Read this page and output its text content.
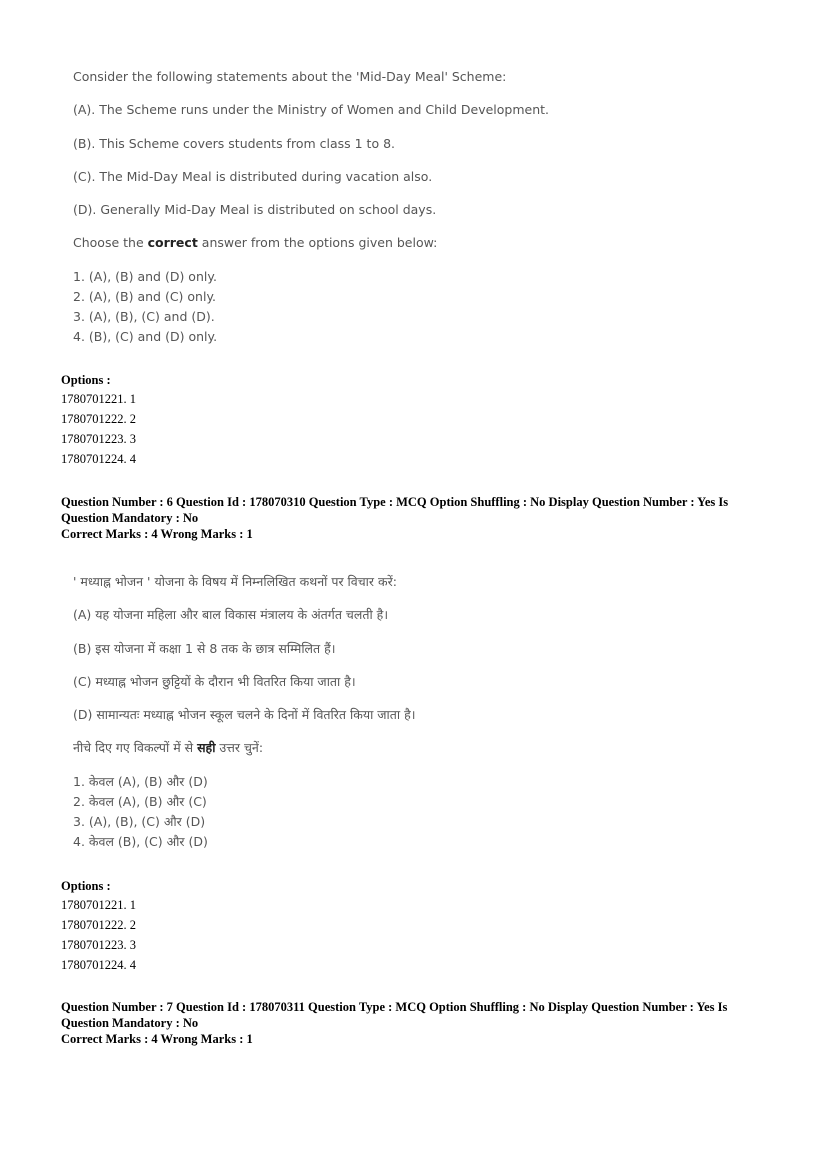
Consider the following statements about the 'Mid-Day Meal' Scheme:
(A). The Scheme runs under the Ministry of Women and Child Development.
(B). This Scheme covers students from class 1 to 8.
(C). The Mid-Day Meal is distributed during vacation also.
(D). Generally Mid-Day Meal is distributed on school days.
Choose the correct answer from the options given below:
1. (A), (B) and (D) only.
2. (A), (B) and (C) only.
3. (A), (B), (C) and (D).
4. (B), (C) and (D) only.
Options :
1780701221. 1
1780701222. 2
1780701223. 3
1780701224. 4
Question Number : 6 Question Id : 178070310 Question Type : MCQ Option Shuffling : No Display Question Number : Yes Is
Question Mandatory : No
Correct Marks : 4 Wrong Marks : 1
' मध्याह्न भोजन ' योजना के विषय में निम्नलिखित कथनों पर विचार करें:
(A) यह योजना महिला और बाल विकास मंत्रालय के अंतर्गत चलती है।
(B) इस योजना में कक्षा 1 से 8 तक के छात्र सम्मिलित हैं।
(C) मध्याह्न भोजन छुट्टियों के दौरान भी वितरित किया जाता है।
(D) सामान्यतः मध्याह्न भोजन स्कूल चलने के दिनों में वितरित किया जाता है।
नीचे दिए गए विकल्पों में से सही उत्तर चुनें:
1. केवल (A), (B) और (D)
2. केवल (A), (B) और (C)
3. (A), (B), (C) और (D)
4. केवल (B), (C) और (D)
Options :
1780701221. 1
1780701222. 2
1780701223. 3
1780701224. 4
Question Number : 7 Question Id : 178070311 Question Type : MCQ Option Shuffling : No Display Question Number : Yes Is
Question Mandatory : No
Correct Marks : 4 Wrong Marks : 1
